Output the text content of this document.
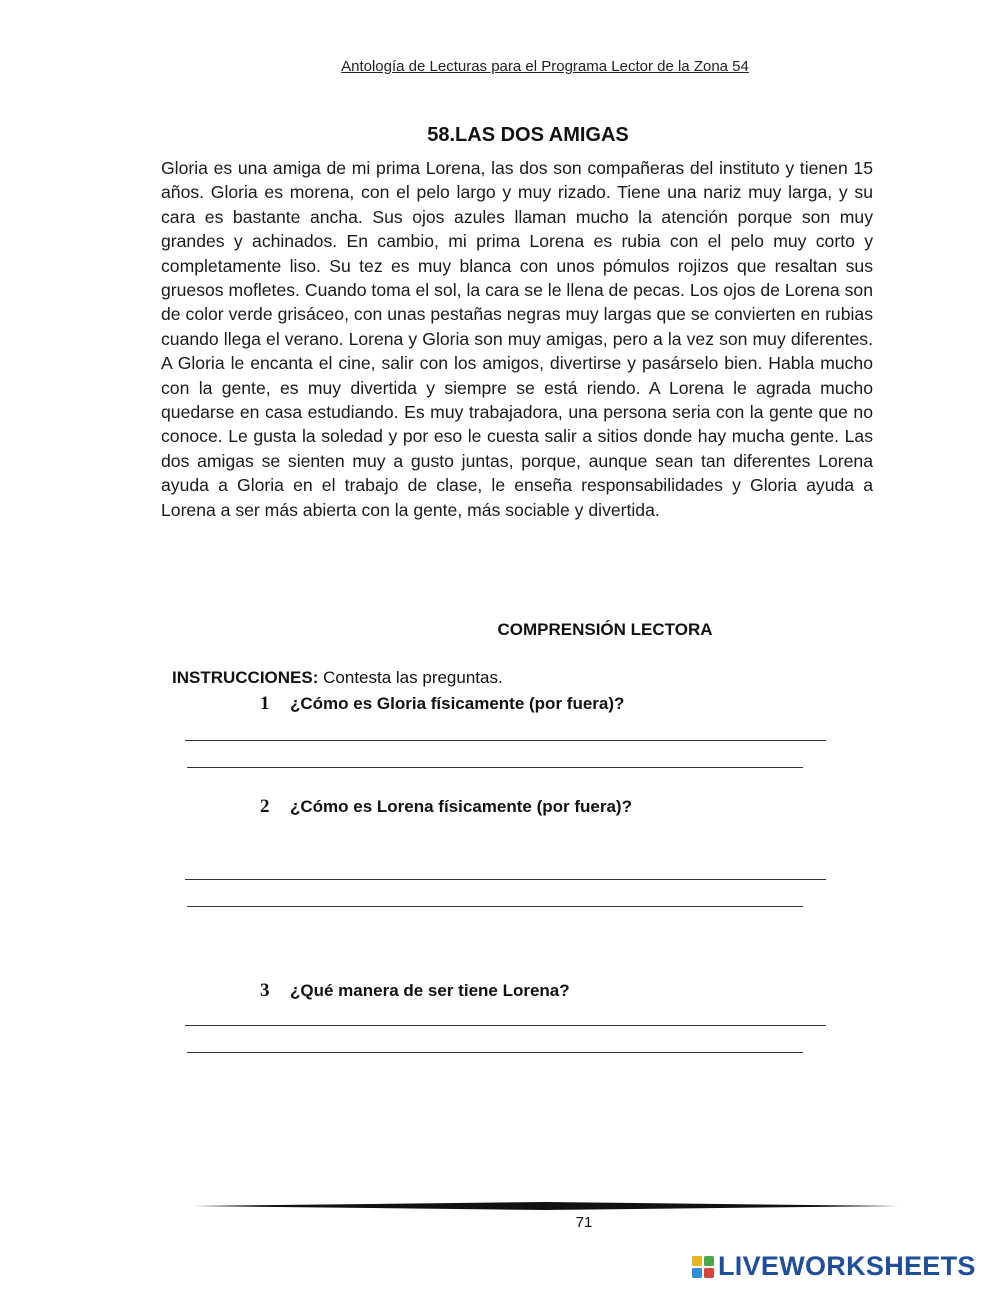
Antología de Lecturas para el Programa Lector de la Zona 54
58.LAS DOS AMIGAS

Gloria es una amiga de mi prima Lorena, las dos son compañeras del instituto y tienen 15 años. Gloria es morena, con el pelo largo y muy rizado. Tiene una nariz muy larga, y su cara es bastante ancha. Sus ojos azules llaman mucho la atención porque son muy grandes y achinados. En cambio, mi prima Lorena es rubia con el pelo muy corto y completamente liso. Su tez es muy blanca con unos pómulos rojizos que resaltan sus gruesos mofletes. Cuando toma el sol, la cara se le llena de pecas. Los ojos de Lorena son de color verde grisáceo, con unas pestañas negras muy largas que se convierten en rubias cuando llega el verano. Lorena y Gloria son muy amigas, pero a la vez son muy diferentes. A Gloria le encanta el cine, salir con los amigos, divertirse y pasárselo bien. Habla mucho con la gente, es muy divertida y siempre se está riendo. A Lorena le agrada mucho quedarse en casa estudiando. Es muy trabajadora, una persona seria con la gente que no conoce. Le gusta la soledad y por eso le cuesta salir a sitios donde hay mucha gente. Las dos amigas se sienten muy a gusto juntas, porque, aunque sean tan diferentes Lorena ayuda a Gloria en el trabajo de clase, le enseña responsabilidades y Gloria ayuda a Lorena a ser más abierta con la gente, más sociable y divertida.

COMPRENSIÓN LECTORA
INSTRUCCIONES: Contesta las preguntas.
1 ¿Cómo es Gloria físicamente (por fuera)?
2 ¿Cómo es Lorena físicamente (por fuera)?
3 ¿Qué manera de ser tiene Lorena?
71
LIVEWORKSHEETS
